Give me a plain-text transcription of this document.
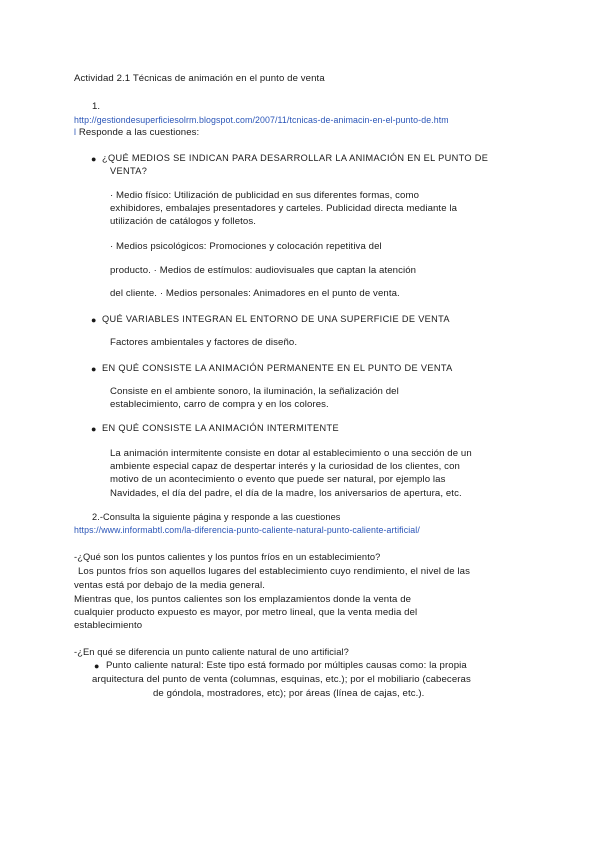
Actividad 2.1 Técnicas de animación en el punto de venta
1.
http://gestiondesuperficiesolrm.blogspot.com/2007/11/tcnicas-de-animacin-en-el-punto-de.htm
l Responde a las cuestiones:
● ¿QUÉ MEDIOS SE INDICAN PARA DESARROLLAR LA ANIMACIÓN EN EL PUNTO DE
VENTA?
· Medio físico: Utilización de publicidad en sus diferentes formas, como
exhibidores, embalajes presentadores y carteles. Publicidad directa mediante la
utilización de catálogos y folletos.
· Medios psicológicos: Promociones y colocación repetitiva del
producto. · Medios de estímulos: audiovisuales que captan la atención
del cliente. · Medios personales: Animadores en el punto de venta.
● QUÉ VARIABLES INTEGRAN EL ENTORNO DE UNA SUPERFICIE DE VENTA
Factores ambientales y factores de diseño.
● EN QUÉ CONSISTE LA ANIMACIÓN PERMANENTE EN EL PUNTO DE VENTA
Consiste en el ambiente sonoro, la iluminación, la señalización del
establecimiento, carro de compra y en los colores.
● EN QUÉ CONSISTE LA ANIMACIÓN INTERMITENTE
La animación intermitente consiste en dotar al establecimiento o una sección de un
ambiente especial capaz de despertar interés y la curiosidad de los clientes, con
motivo de un acontecimiento o evento que puede ser natural, por ejemplo las
Navidades, el día del padre, el día de la madre, los aniversarios de apertura, etc.
2.-Consulta la siguiente página y responde a las cuestiones
https://www.informabtl.com/la-diferencia-punto-caliente-natural-punto-caliente-artificial/
-¿Qué son los puntos calientes y los puntos fríos en un establecimiento?
Los puntos fríos son aquellos lugares del establecimiento cuyo rendimiento, el nivel de las
ventas está por debajo de la media general.
Mientras que, los puntos calientes son los emplazamientos donde la venta de
cualquier producto expuesto es mayor, por metro lineal, que la venta media del
establecimiento
-¿En qué se diferencia un punto caliente natural de uno artificial?
● Punto caliente natural: Este tipo está formado por múltiples causas como: la propia
arquitectura del punto de venta (columnas, esquinas, etc.); por el mobiliario (cabeceras
de góndola, mostradores, etc); por áreas (línea de cajas, etc.).
